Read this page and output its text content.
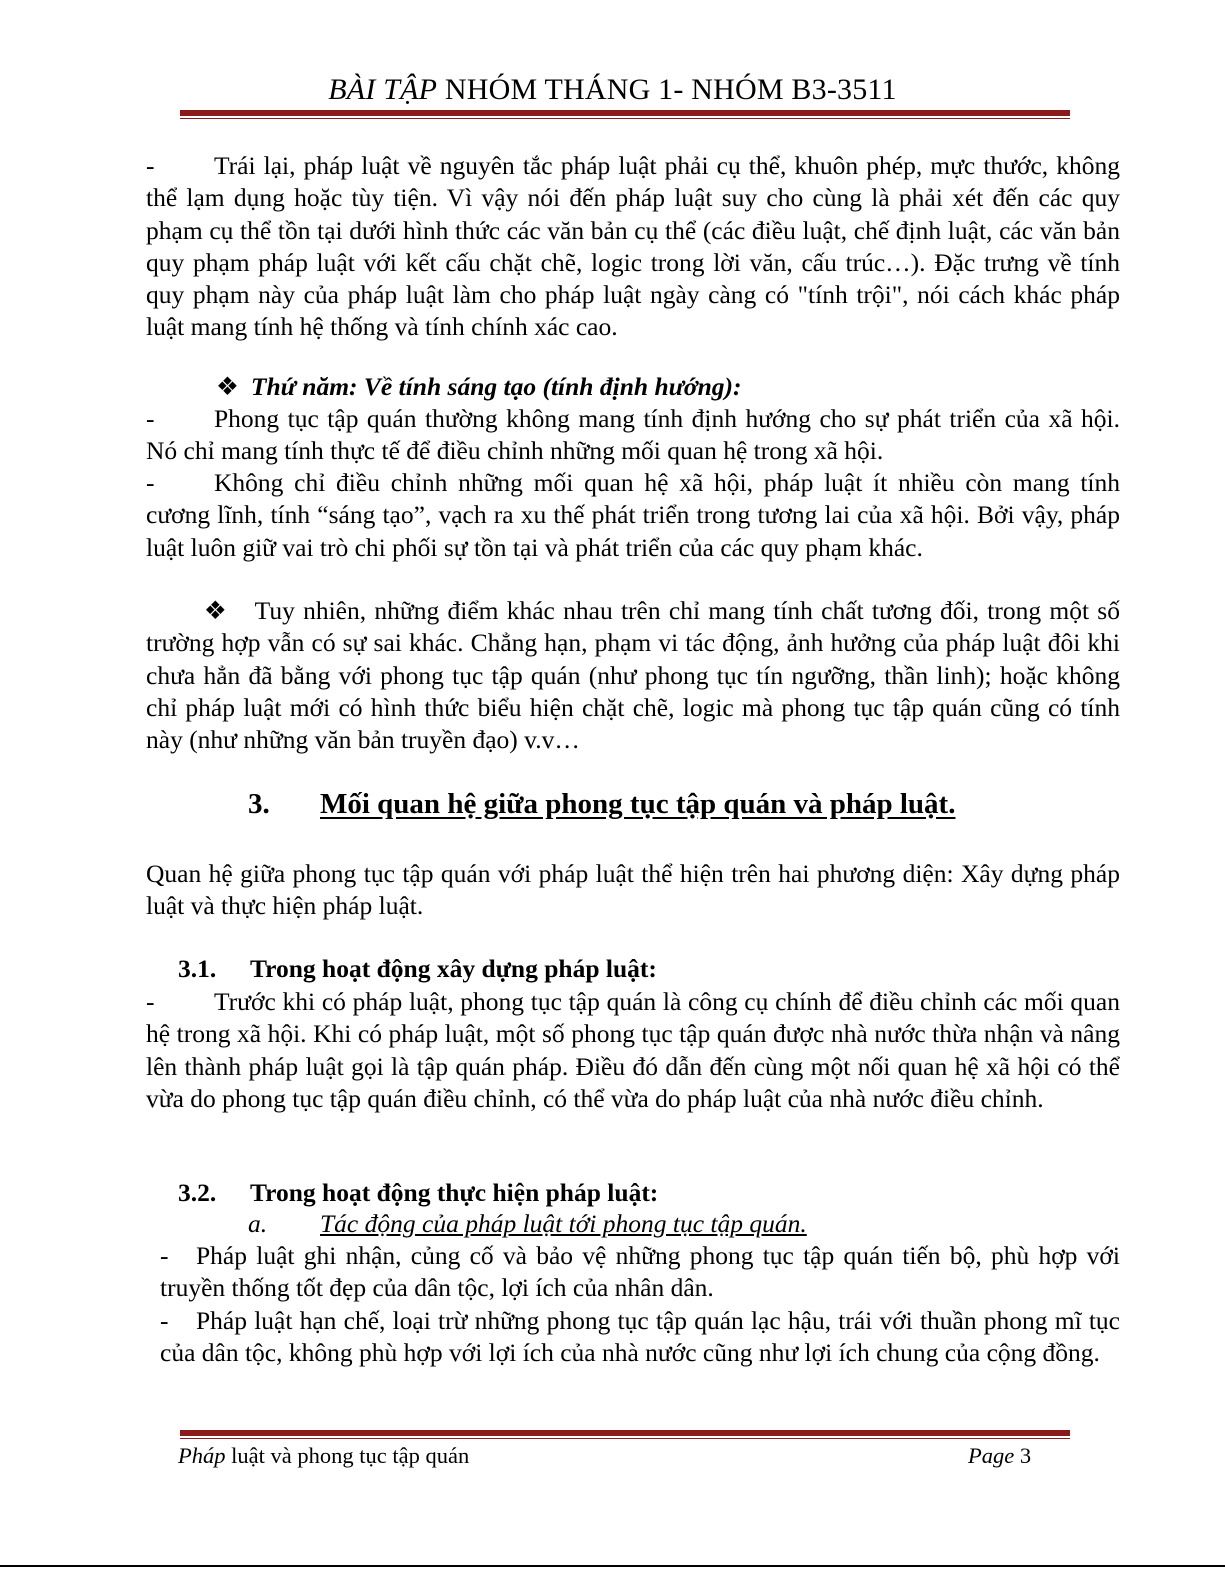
BÀI TẬP NHÓM THÁNG 1- NHÓM B3-3511

- Trái lại, pháp luật về nguyên tắc pháp luật phải cụ thể, khuôn phép, mực thước, không thể lạm dụng hoặc tùy tiện. Vì vậy nói đến pháp luật suy cho cùng là phải xét đến các quy phạm cụ thể tồn tại dưới hình thức các văn bản cụ thể (các điều luật, chế định luật, các văn bản quy phạm pháp luật với kết cấu chặt chẽ, logic trong lời văn, cấu trúc…). Đặc trưng về tính quy phạm này của pháp luật làm cho pháp luật ngày càng có "tính trội", nói cách khác pháp luật mang tính hệ thống và tính chính xác cao.

❖ Thứ năm: Về tính sáng tạo (tính định hướng):

- Phong tục tập quán thường không mang tính định hướng cho sự phát triển của xã hội. Nó chỉ mang tính thực tế để điều chỉnh những mối quan hệ trong xã hội.

- Không chỉ điều chỉnh những mối quan hệ xã hội, pháp luật ít nhiều còn mang tính cương lĩnh, tính “sáng tạo”, vạch ra xu thế phát triển trong tương lai của xã hội. Bởi vậy, pháp luật luôn giữ vai trò chi phối sự tồn tại và phát triển của các quy phạm khác.

❖ Tuy nhiên, những điểm khác nhau trên chỉ mang tính chất tương đối, trong một số trường hợp vẫn có sự sai khác. Chẳng hạn, phạm vi tác động, ảnh hưởng của pháp luật đôi khi chưa hẳn đã bằng với phong tục tập quán (như phong tục tín ngưỡng, thần linh); hoặc không chỉ pháp luật mới có hình thức biểu hiện chặt chẽ, logic mà phong tục tập quán cũng có tính này (như những văn bản truyền đạo) v.v…

3. Mối quan hệ giữa phong tục tập quán và pháp luật.

Quan hệ giữa phong tục tập quán với pháp luật thể hiện trên hai phương diện: Xây dựng pháp luật và thực hiện pháp luật.

3.1. Trong hoạt động xây dựng pháp luật:

- Trước khi có pháp luật, phong tục tập quán là công cụ chính để điều chỉnh các mối quan hệ trong xã hội. Khi có pháp luật, một số phong tục tập quán được nhà nước thừa nhận và nâng lên thành pháp luật gọi là tập quán pháp. Điều đó dẫn đến cùng một nối quan hệ xã hội có thể vừa do phong tục tập quán điều chỉnh, có thể vừa do pháp luật của nhà nước điều chỉnh.

3.2. Trong hoạt động thực hiện pháp luật:
a. Tác động của pháp luật tới phong tục tập quán.

- Pháp luật ghi nhận, củng cố và bảo vệ những phong tục tập quán tiến bộ, phù hợp với truyền thống tốt đẹp của dân tộc, lợi ích của nhân dân.

- Pháp luật hạn chế, loại trừ những phong tục tập quán lạc hậu, trái với thuần phong mĩ tục của dân tộc, không phù hợp với lợi ích của nhà nước cũng như lợi ích chung của cộng đồng.

Pháp luật và phong tục tập quán	Page 3
